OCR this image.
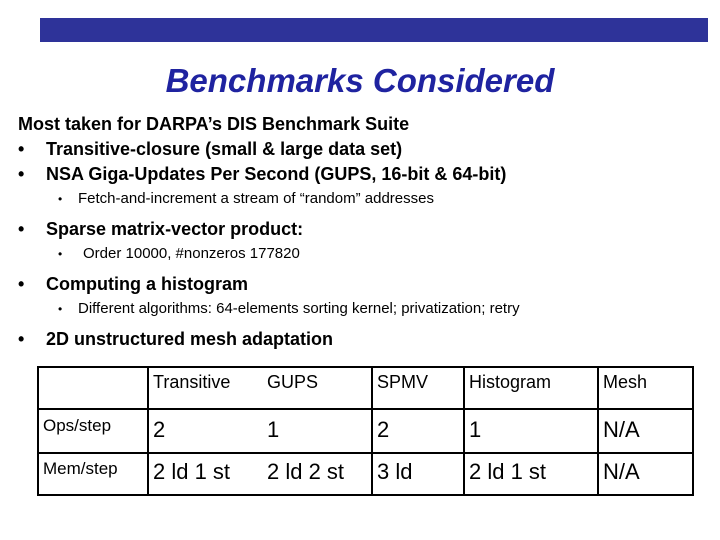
Benchmarks Considered
Most taken for DARPA’s DIS Benchmark Suite
• Transitive-closure (small & large data set)
• NSA Giga-Updates Per Second (GUPS, 16-bit & 64-bit)
• Fetch-and-increment a stream of “random” addresses
• Sparse matrix-vector product:
• Order 10000, #nonzeros 177820
• Computing a histogram
• Different algorithms: 64-elements sorting kernel; privatization; retry
• 2D unstructured mesh adaptation
	Transitive	GUPS	SPMV	Histogram	Mesh
Ops/step	2	1	2	1	N/A
Mem/step	2 ld 1 st	2 ld 2 st	3 ld	2 ld 1 st	N/A
